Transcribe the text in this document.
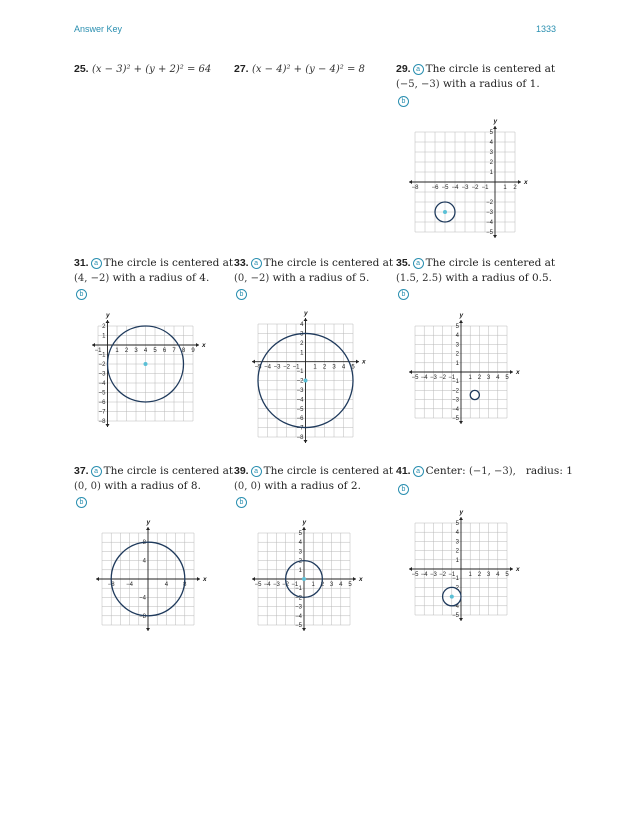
Answer Key	1333
25. (x − 3)² + (y + 2)² = 64	27. (x − 4)² + (y − 4)² = 8	29. a The circle is centered at
(−5, −3) with a radius of 1.
b
31. a The circle is centered at
(4, −2) with a radius of 4.
b
33. a The circle is centered at
(0, −2) with a radius of 5.
b
35. a The circle is centered at
(1.5, 2.5) with a radius of 0.5.
b
37. a The circle is centered at
(0, 0) with a radius of 8.
b
39. a The circle is centered at
(0, 0) with a radius of 2.
b
41. a Center: (−1, −3), radius: 1
b
x
y
−8 −6 −5 −4 −3 −2 −1 1 2
5
4
3
2
1
−2
−3
−4
−5
x
y
−1 1 2 3 4 5 6 7 8 9
2
1
−1
−2
−3
−4
−5
−6
−7
−8
x
y
−5 −4 −3 −2 −1 1 2 3 4 5
4
3
2
1
−1
−2
−3
−4
−5
−6
−7
−8
x
y
−5 −4 −3 −2 −1 1 2 3 4 5
5
4
3
2
1
−1
−2
−3
−4
−5
x
y
−8 −4	4	8
8
4
−4
−8
x
y
−5 −4 −3 −2 −1 1 2 3 4 5
5
4
3
2
1
−1
−2
−3
−4
−5
x
y
−5 −4 −3 −2 −1 1 2 3 4 5
5
4
3
2
1
−1
−2
−4
−5
